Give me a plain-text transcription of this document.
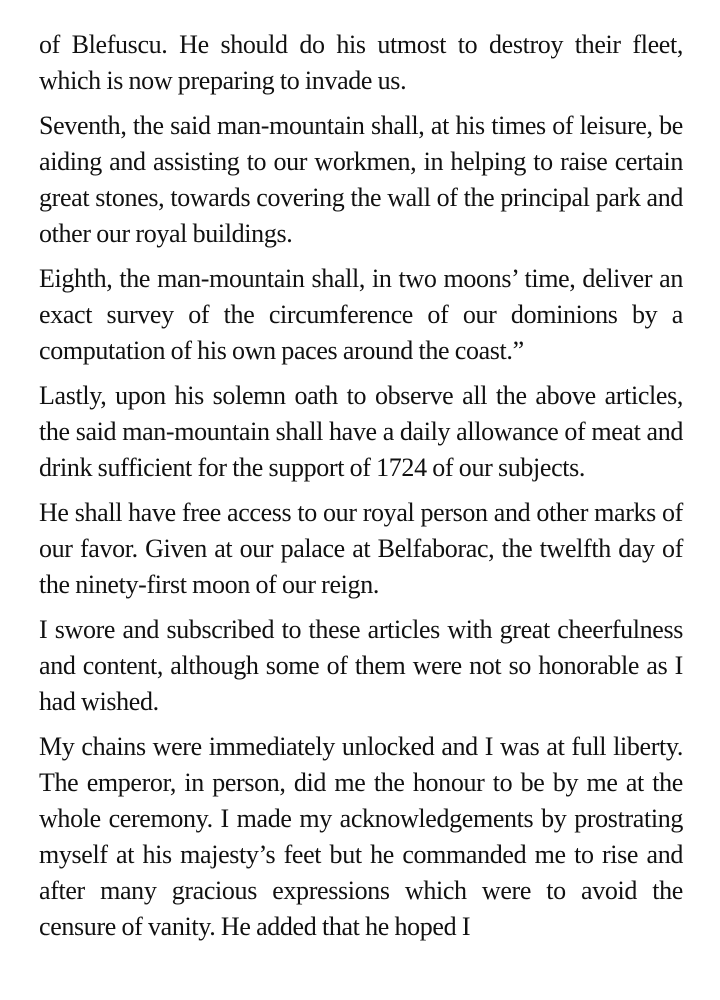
of Blefuscu. He should do his utmost to destroy their fleet, which is now preparing to invade us.

Seventh, the said man-mountain shall, at his times of leisure, be aiding and assisting to our workmen, in helping to raise certain great stones, towards covering the wall of the principal park and other our royal buildings.

Eighth, the man-mountain shall, in two moons’ time, deliver an exact survey of the circumference of our dominions by a computation of his own paces around the coast.”

Lastly, upon his solemn oath to observe all the above articles, the said man-mountain shall have a daily allowance of meat and drink sufficient for the support of 1724 of our subjects.

He shall have free access to our royal person and other marks of our favor. Given at our palace at Belfaborac, the twelfth day of the ninety-first moon of our reign.

I swore and subscribed to these articles with great cheerfulness and content, although some of them were not so honorable as I had wished.

My chains were immediately unlocked and I was at full liberty. The emperor, in person, did me the honour to be by me at the whole ceremony. I made my acknowledgements by prostrating myself at his majesty’s feet but he commanded me to rise and after many gracious expressions which were to avoid the censure of vanity. He added that he hoped I
